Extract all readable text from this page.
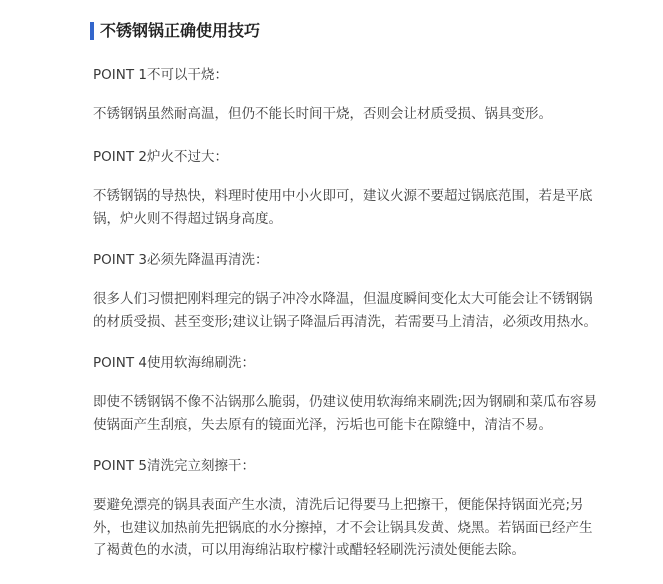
不锈钢锅正确使用技巧
POINT 1不可以干烧：

不锈钢锅虽然耐高温，但仍不能长时间干烧，否则会让材质受损、锅具变形。

POINT 2炉火不过大：

不锈钢锅的导热快，料理时使用中小火即可，建议火源不要超过锅底范围，若是平底
锅，炉火则不得超过锅身高度。

POINT 3必须先降温再清洗：

很多人们习惯把刚料理完的锅子冲冷水降温，但温度瞬间变化太大可能会让不锈钢锅
的材质受损、甚至变形;建议让锅子降温后再清洗，若需要马上清洁，必须改用热水。

POINT 4使用软海绵刷洗：

即使不锈钢锅不像不沾锅那么脆弱，仍建议使用软海绵来刷洗;因为钢刷和菜瓜布容易
使锅面产生刮痕，失去原有的镜面光泽，污垢也可能卡在隙缝中，清洁不易。

POINT 5清洗完立刻擦干：

要避免漂亮的锅具表面产生水渍，清洗后记得要马上把擦干，便能保持锅面光亮;另
外，也建议加热前先把锅底的水分擦掉，才不会让锅具发黄、烧黑。若锅面已经产生
了褐黄色的水渍，可以用海绵沾取柠檬汁或醋轻轻刷洗污渍处便能去除。
